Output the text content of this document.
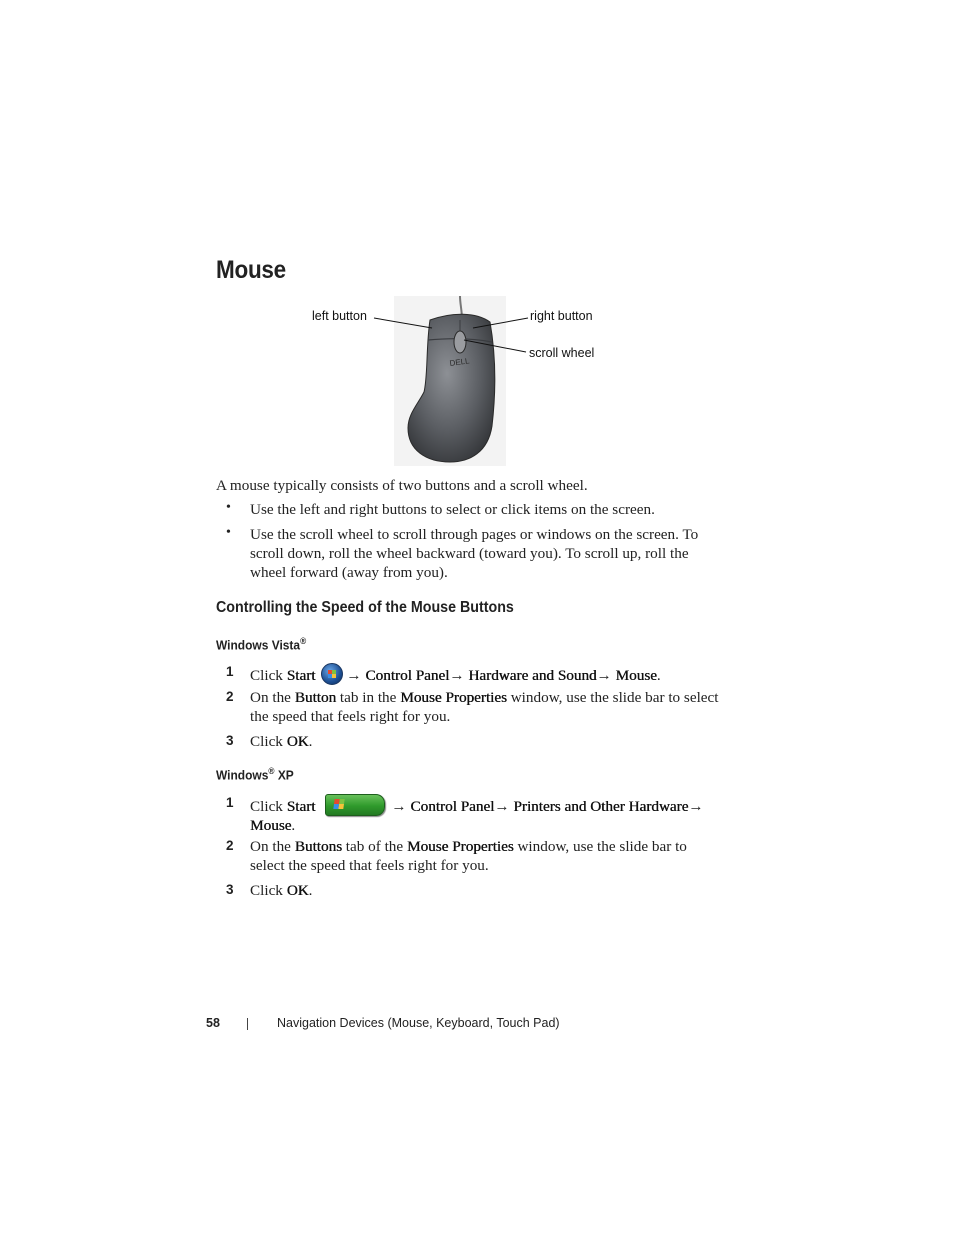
Mouse
DELL
left button	right button
scroll wheel
A mouse typically consists of two buttons and a scroll wheel.
• Use the left and right buttons to select or click items on the screen.
• Use the scroll wheel to scroll through pages or windows on the screen. To scroll down, roll the wheel backward (toward you). To scroll up, roll the wheel forward (away from you).
Controlling the Speed of the Mouse Buttons
Windows Vista®
1 Click Start → Control Panel→ Hardware and Sound→ Mouse.
2 On the Button tab in the Mouse Properties window, use the slide bar to select the speed that feels right for you.
3 Click OK.
Windows® XP
1 Click Start	→ Control Panel→ Printers and Other Hardware→ Mouse.
2 On the Buttons tab of the Mouse Properties window, use the slide bar to select the speed that feels right for you.
3 Click OK.
58	Navigation Devices (Mouse, Keyboard, Touch Pad)
